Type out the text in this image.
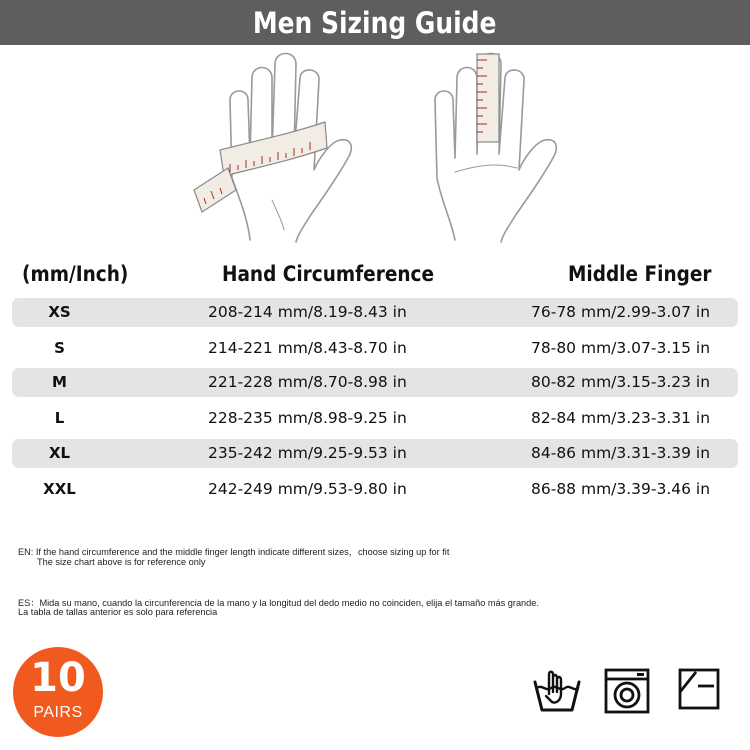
Men Sizing Guide
(mm/Inch)	Hand Circumference	Middle Finger
XS	208-214 mm/8.19-8.43 in	76-78 mm/2.99-3.07 in
S	214-221 mm/8.43-8.70 in	78-80 mm/3.07-3.15 in
M	221-228 mm/8.70-8.98 in	80-82 mm/3.15-3.23 in
L	228-235 mm/8.98-9.25 in	82-84 mm/3.23-3.31 in
XL	235-242 mm/9.25-9.53 in	84-86 mm/3.31-3.39 in
XXL	242-249 mm/9.53-9.80 in	86-88 mm/3.39-3.46 in
EN: If the hand circumference and the middle finger length indicate different sizes，choose sizing up for fit
The size chart above is for reference only
ES：Mida su mano, cuando la circunferencia de la mano y la longitud del dedo medio no coinciden, elija el tamaño más grande.
La tabla de tallas anterior es solo para referencia
10
PAIRS
